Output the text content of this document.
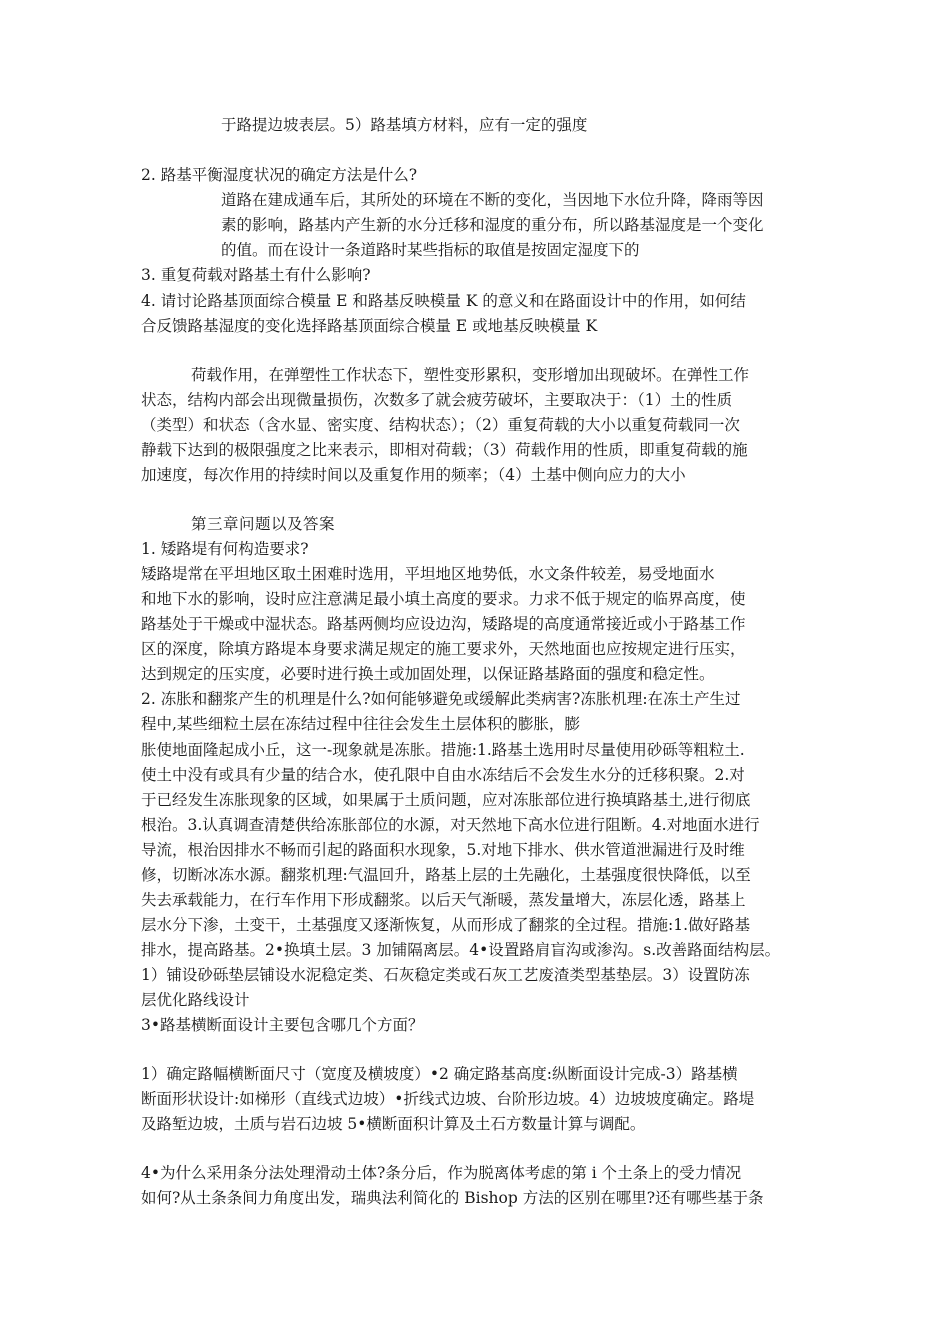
于路提边坡表层。5）路基填方材料，应有一定的强度

2. 路基平衡湿度状况的确定方法是什么?

道路在建成通车后，其所处的环境在不断的变化，当因地下水位升降，降雨等因

素的影响，路基内产生新的水分迁移和湿度的重分布，所以路基湿度是一个变化

的值。而在设计一条道路时某些指标的取值是按固定湿度下的

3. 重复荷载对路基土有什么影响?

4. 请讨论路基顶面综合模量 E 和路基反映模量 K 的意义和在路面设计中的作用，如何结

合反馈路基湿度的变化选择路基顶面综合模量 E 或地基反映模量 K

荷载作用，在弹塑性工作状态下，塑性变形累积，变形增加出现破坏。在弹性工作

状态，结构内部会出现微量损伤，次数多了就会疲劳破坏，主要取决于：（1）土的性质

（类型）和状态（含水显、密实度、结构状态）；（2）重复荷载的大小以重复荷载同一次

静载下达到的极限强度之比来表示，即相对荷载；（3）荷载作用的性质，即重复荷载的施

加速度，每次作用的持续时间以及重复作用的频率；（4）土基中侧向应力的大小

第三章问题以及答案

1. 矮路堤有何构造要求?

矮路堤常在平坦地区取土困难时选用，平坦地区地势低，水文条件较差，易受地面水

和地下水的影响，设时应注意满足最小填土高度的要求。力求不低于规定的临界高度，使

路基处于干燥或中湿状态。路基两侧均应设边沟，矮路堤的高度通常接近或小于路基工作

区的深度，除填方路堤本身要求满足规定的施工要求外，天然地面也应按规定进行压实，

达到规定的压实度，必要时进行换土或加固处理，以保证路基路面的强度和稳定性。

2. 冻胀和翻浆产生的机理是什么?如何能够避免或缓解此类病害?冻胀机理:在冻土产生过

程中,某些细粒土层在冻结过程中往往会发生土层体积的膨胀，膨

胀使地面隆起成小丘，这一-现象就是冻胀。措施:1.路基土选用时尽量使用砂砾等粗粒土.

使土中没有或具有少量的结合水，使孔限中自由水冻结后不会发生水分的迁移积聚。2.对

于已经发生冻胀现象的区域，如果属于土质问题，应对冻胀部位进行换填路基土,进行彻底

根治。3.认真调查清楚供给冻胀部位的水源，对天然地下高水位进行阻断。4.对地面水进行

导流，根治因排水不畅而引起的路面积水现象，5.对地下排水、供水管道泄漏进行及时维

修，切断冰冻水源。翻浆机理:气温回升，路基上层的土先融化，土基强度很快降低，以至

失去承载能力，在行车作用下形成翻浆。以后天气渐暖，蒸发量增大，冻层化透，路基上

层水分下渗，土变干，土基强度又逐渐恢复，从而形成了翻浆的全过程。措施:1.做好路基

排水，提高路基。2•换填土层。3 加铺隔离层。4•设置路肩盲沟或渗沟。s.改善路面结构层。

1）铺设砂砾垫层铺设水泥稳定类、石灰稳定类或石灰工艺废渣类型基垫层。3）设置防冻

层优化路线设计

3•路基横断面设计主要包含哪几个方面？

1）确定路幅横断面尺寸（宽度及横坡度）•2 确定路基高度:纵断面设计完成-3）路基横

断面形状设计:如梯形（直线式边坡）•折线式边坡、台阶形边坡。4）边坡坡度确定。路堤

及路堑边坡，土质与岩石边坡 5•横断面积计算及土石方数量计算与调配。

4•为什么采用条分法处理滑动土体?条分后，作为脱离体考虑的第 i 个土条上的受力情况

如何?从土条条间力角度出发，瑞典法利简化的 Bishop 方法的区别在哪里?还有哪些基于条
